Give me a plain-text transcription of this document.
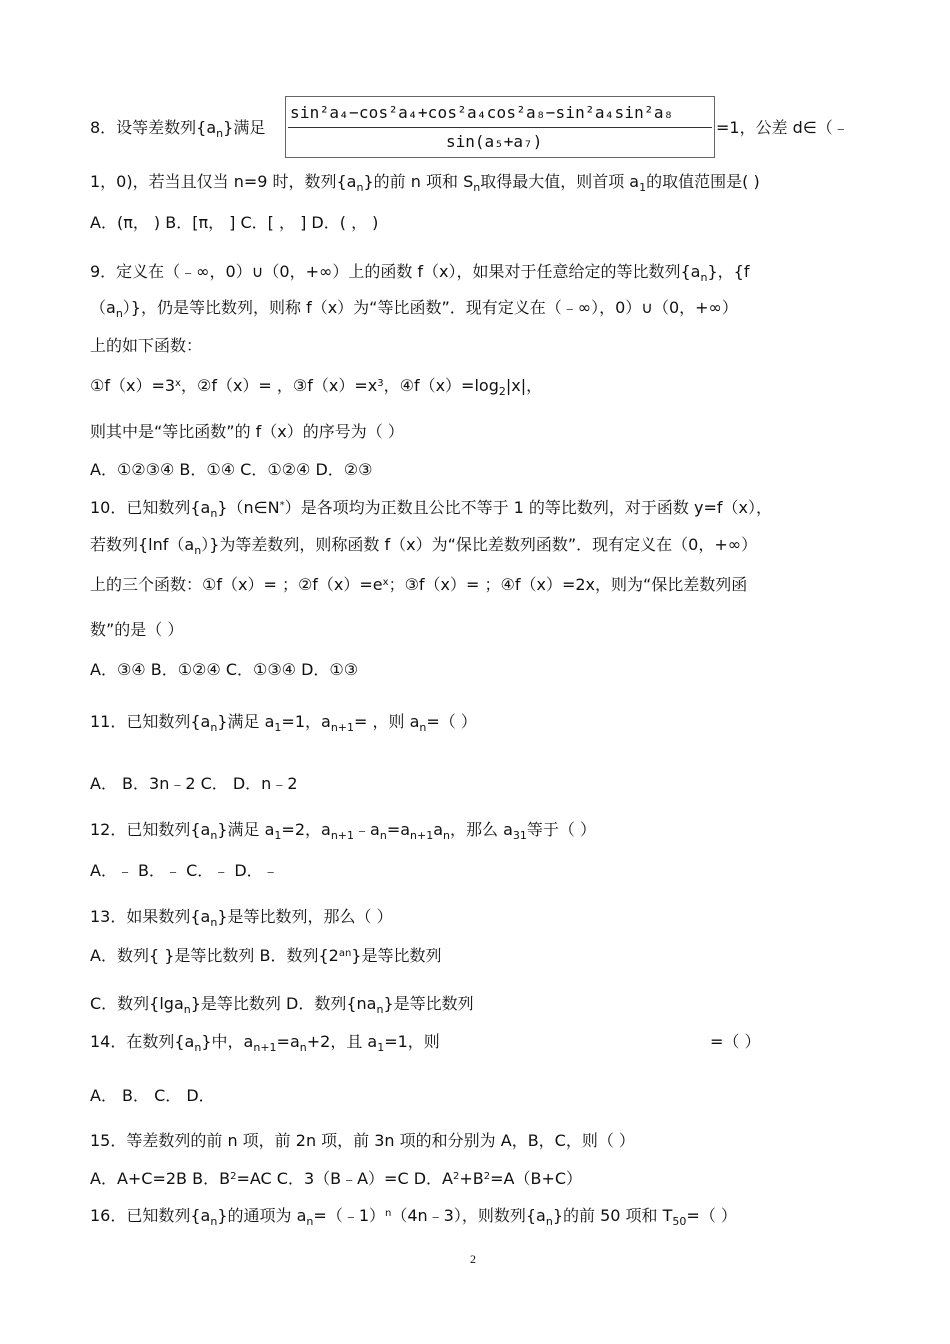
8．设等差数列$\{a_n\}$满足
sin²a₄−cos²a₄+cos²a₄cos²a₈−sin²a₄sin²a₈
sin(a₅+a₇)
=1，公差 d∈（﹣
1，0)，若当且仅当 n=9 时，数列$\{a_n\}$的前 n 项和 $S_n$取得最大值，则首项 $a_1$的取值范围是( )
A．(π， ) B．[π， ] C．[ ， ] D．( ， )
9．定义在（﹣∞，0）∪（0，+∞）上的函数 f（x），如果对于任意给定的等比数列$\{a_n\}$，{f
$(a_n)$}，仍是等比数列，则称 f（x）为“等比函数”．现有定义在（﹣∞），0）∪（0，+∞）
上的如下函数：
$①f(x)=3^x$，②f（x）= ，$③f(x)=x^3$，$④f(x)=\log_2|x|$，
则其中是“等比函数”的 f（x）的序号为（ ）
A．①②③④ B．①④ C．①②④ D．②③
10．已知数列$\{a_n\}(n\in N^*)$是各项均为正数且公比不等于 1 的等比数列，对于函数 y=f（x），
若数列$\{\ln f(a_n)\}$为等差数列，则称函数 f（x）为“保比差数列函数”．现有定义在（0，+∞）
上的三个函数：①f（x）= ；$②f(x)=e^x$；③f（x）= ；④f（x）=2x，则为“保比差数列函
数”的是（ ）
A．③④ B．①②④ C．①③④ D．①③
11．已知数列$\{a_n\}$满足 $a_1=1$，$a_{n+1}=$ ，则 $a_n=$（ ）
A． B．3n﹣2 C． D．n﹣2
12．已知数列$\{a_n\}$满足 $a_1=2$，$a_{n+1}﹣a_n=a_{n+1}a_n$，那么 $a_{31}$等于（ ）
A．﹣ B．﹣ C．﹣ D．﹣
13．如果数列$\{a_n\}$是等比数列，那么（ ）
A．数列{ }是等比数列 B．数列$\{2^{an}\}$是等比数列
C．数列{lga$_n$}是等比数列 D．数列$\{na_n\}$是等比数列
14．在数列$\{a_n\}$中，$a_{n+1}=a_n+2$，且 $a_1=1$，则	=（ ）
A． B． C． D．
15．等差数列的前 n 项，前 2n 项，前 3n 项的和分别为 A，B，C，则（ ）
A．A+C=2B B．$B^2=AC$ C．3（B﹣A）=C D．$A^2+B^2=A(B+C)$
16．已知数列$\{a_n\}$的通项为 $a_n=(﹣1)^n(4n﹣3)$，则数列$\{a_n\}$的前 50 项和 $T_{50}=$（ ）
2
